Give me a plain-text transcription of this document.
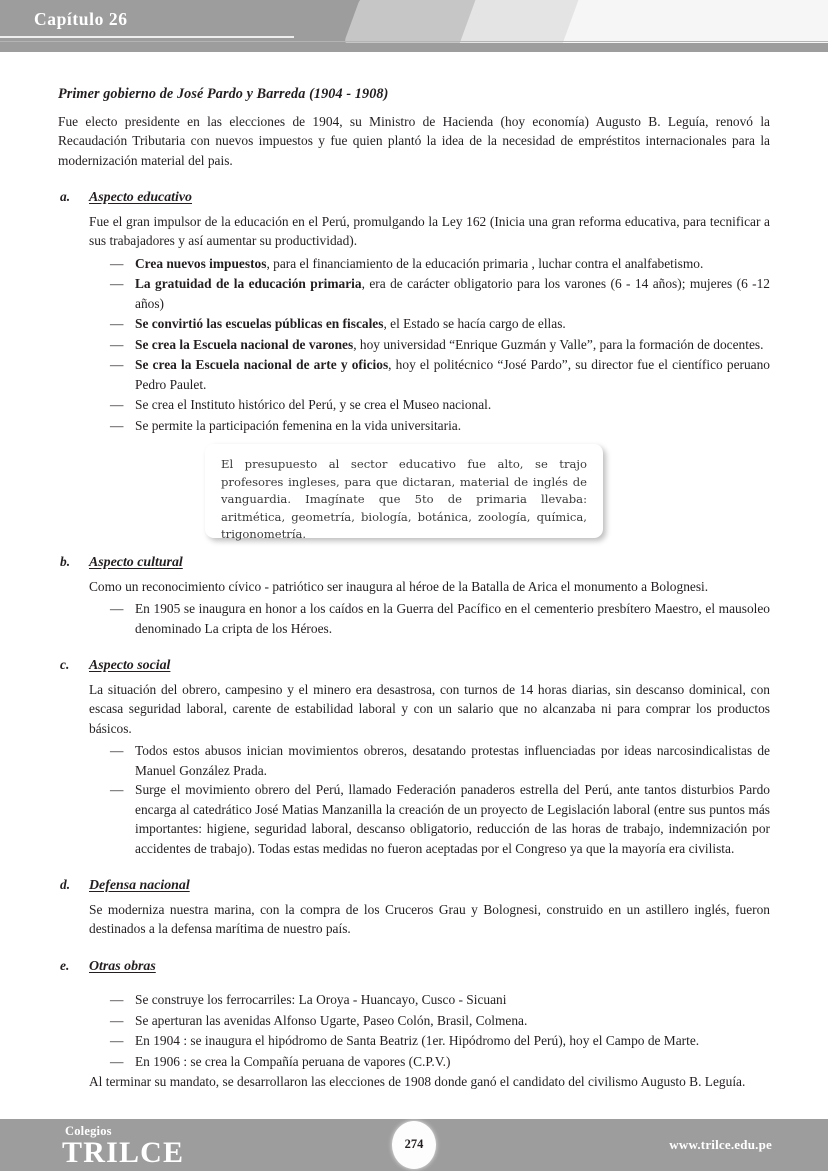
Capítulo 26
Primer gobierno de José Pardo y Barreda (1904 - 1908)

Fue electo presidente en las elecciones de 1904, su Ministro de Hacienda (hoy economía) Augusto B. Leguía, renovó la Recaudación Tributaria con nuevos impuestos y fue quien plantó la idea de la necesidad de empréstitos internacionales para la modernización material del pais.

a. Aspecto educativo

Fue el gran impulsor de la educación en el Perú, promulgando la Ley 162 (Inicia una gran reforma educativa, para tecnificar a sus trabajadores y así aumentar su productividad).

— Crea nuevos impuestos, para el financiamiento de la educación primaria , luchar contra el analfabetismo.
— La gratuidad de la educación primaria, era de carácter obligatorio para los varones (6 - 14 años); mujeres (6 -12 años)
— Se convirtió las escuelas públicas en fiscales, el Estado se hacía cargo de ellas.
— Se crea la Escuela nacional de varones, hoy universidad “Enrique Guzmán y Valle”, para la formación de docentes.
— Se crea la Escuela nacional de arte y oficios, hoy el politécnico “José Pardo”, su director fue el científico peruano Pedro Paulet.
— Se crea el Instituto histórico del Perú, y se crea el Museo nacional.
— Se permite la participación femenina en la vida universitaria.
El presupuesto al sector educativo fue alto, se trajo profesores ingleses, para que dictaran, material de inglés de vanguardia. Imagínate que 5to de primaria llevaba: aritmética, geometría, biología, botánica, zoología, química, trigonometría.
b. Aspecto cultural

Como un reconocimiento cívico - patriótico ser inaugura al héroe de la Batalla de Arica el monumento a Bolognesi.

— En 1905 se inaugura en honor a los caídos en la Guerra del Pacífico en el cementerio presbítero Maestro, el mausoleo denominado La cripta de los Héroes.
c. Aspecto social

La situación del obrero, campesino y el minero era desastrosa, con turnos de 14 horas diarias, sin descanso dominical, con escasa seguridad laboral, carente de estabilidad laboral y con un salario que no alcanzaba ni para comprar los productos básicos.

— Todos estos abusos inician movimientos obreros, desatando protestas influenciadas por ideas narcosindicalistas de Manuel González Prada.
— Surge el movimiento obrero del Perú, llamado Federación panaderos estrella del Perú, ante tantos disturbios Pardo encarga al catedrático José Matias Manzanilla la creación de un proyecto de Legislación laboral (entre sus puntos más importantes: higiene, seguridad laboral, descanso obligatorio, reducción de las horas de trabajo, indemnización por accidentes de trabajo). Todas estas medidas no fueron aceptadas por el Congreso ya que la mayoría era civilista.
d. Defensa nacional

Se moderniza nuestra marina, con la compra de los Cruceros Grau y Bolognesi, construido en un astillero inglés, fueron destinados a la defensa marítima de nuestro país.

e. Otras obras
— Se construye los ferrocarriles: La Oroya - Huancayo, Cusco - Sicuani
— Se aperturan las avenidas Alfonso Ugarte, Paseo Colón, Brasil, Colmena.
— En 1904 : se inaugura el hipódromo de Santa Beatriz (1er. Hipódromo del Perú), hoy el Campo de Marte.
— En 1906 : se crea la Compañía peruana de vapores (C.P.V.)

Al terminar su mandato, se desarrollaron las elecciones de 1908 donde ganó el candidato del civilismo Augusto B. Leguía.

Colegios
TRILCE	www.trilce.edu.pe
274
